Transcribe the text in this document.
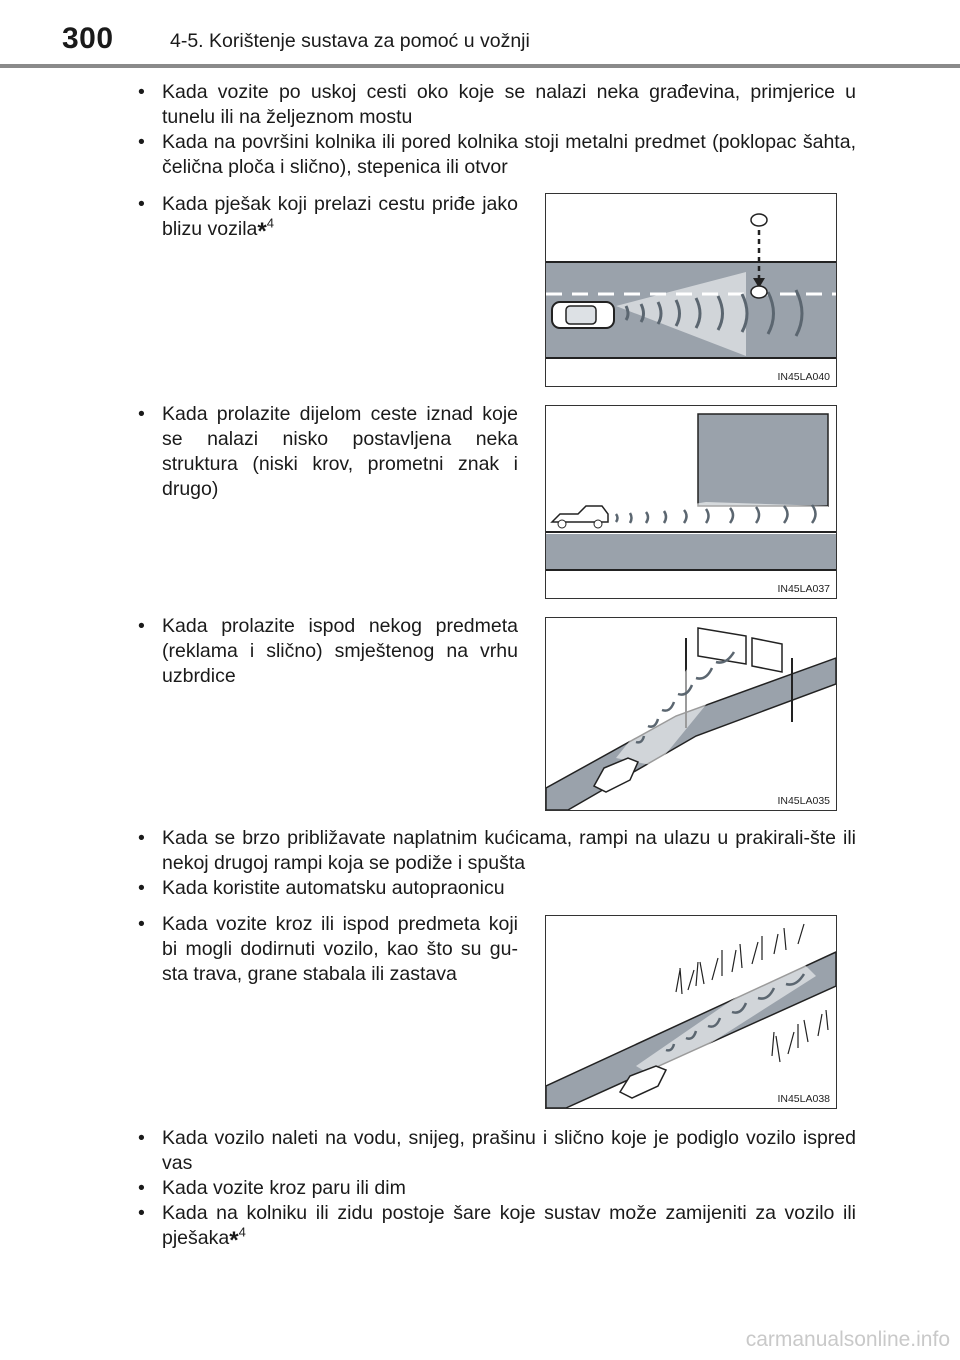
300	4-5. Korištenje sustava za pomoć u vožnji
• Kada vozite po uskoj cesti oko koje se nalazi neka građevina, primjerice u tunelu ili na željeznom mostu
• Kada na površini kolnika ili pored kolnika stoji metalni predmet (poklopac šahta, čelična ploča i slično), stepenica ili otvor
• Kada pješak koji prelazi cestu priđe jako blizu vozila*$^4$
IN45LA040
• Kada prolazite dijelom ceste iznad koje se nalazi nisko postavljena neka struktura (niski krov, prometni znak i drugo)
IN45LA037
• Kada prolazite ispod nekog predmeta (reklama i slično) smještenog na vrhu uzbrdice
IN45LA035
• Kada se brzo približavate naplatnim kućicama, rampi na ulazu u prakirali-šte ili nekoj drugoj rampi koja se podiže i spušta
• Kada koristite automatsku autopraonicu
• Kada vozite kroz ili ispod predmeta koji bi mogli dodirnuti vozilo, kao što su gu-sta trava, grane stabala ili zastava
IN45LA038
• Kada vozilo naleti na vodu, snijeg, prašinu i slično koje je podiglo vozilo ispred vas
• Kada vozite kroz paru ili dim
• Kada na kolniku ili zidu postoje šare koje sustav može zamijeniti za vozilo ili pješaka*$^4$
carmanualsonline.info
